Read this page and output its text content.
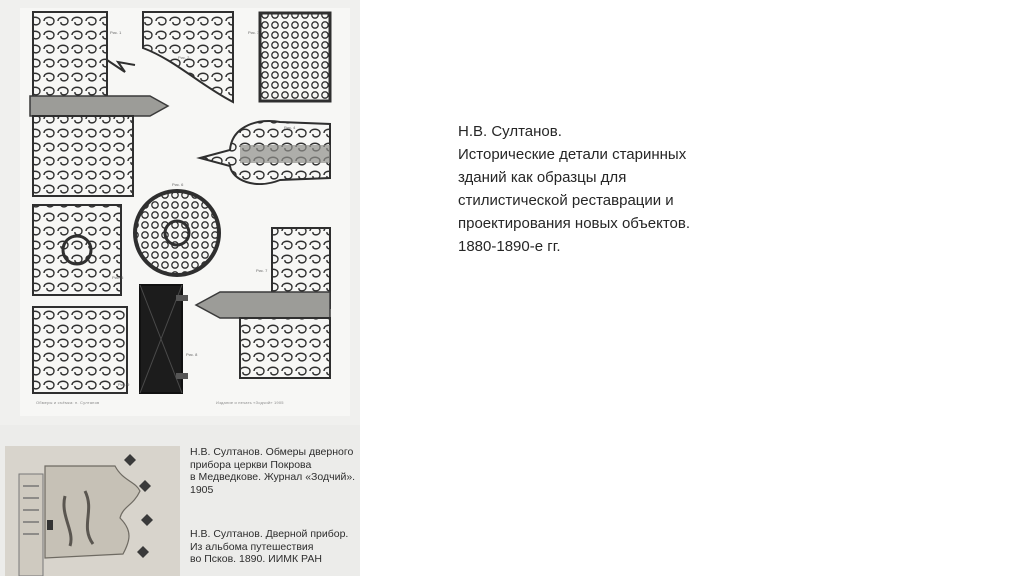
Рис. 1
Рис. 2
Рис. 3
Рис. 4
Рис. 5
Рис. 6
Рис. 7
Рис. 8
Рис. 9
Обмеры и съёмка: н. Султанов	Издание и печать «Зодчий» 1905
Н.В. Султанов. Обмеры дверного
прибора церкви Покрова
в Медведкове. Журнал «Зодчий».
1905
Н.В. Султанов. Дверной прибор.
Из альбома путешествия
во Псков. 1890. ИИМК РАН
Н.В. Султанов.
Исторические детали старинных
зданий как образцы для
стилистической реставрации и
проектирования новых объектов.
1880-1890-е гг.
